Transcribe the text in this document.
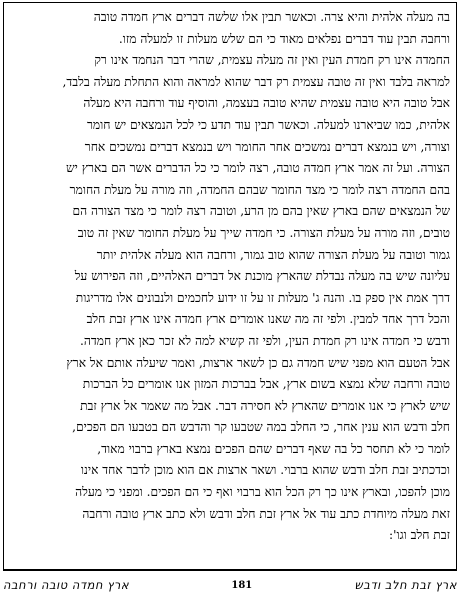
בה מעלה אלהית והיא צרה. וכאשר תבין אלו שלשה דברים ארץ חמדה טובה
ורחבה תבין עוד דברים נפלאים מאוד כי הם שלש מעלות זו למעלה מזו.
החמדה אינו רק חמדת העין ואין זה מעלה עצמית, שהרי דבר הנחמד אינו רק
למראה בלבד ואין זה טובה עצמית רק דבר שהוא למראה והוא התחלת מעלה בלבד,
אבל טובה היא טובה עצמית שהיא טובה בעצמה, והוסיף עוד ורחבה היא מעלה
אלהית, כמו שביארנו למעלה. וכאשר תבין עוד תדע כי לכל הנמצאים יש חומר
וצורה, ויש בנמצא דברים נמשכים אחר החומר ויש בנמצא דברים נמשכים אחר
הצורה. ועל זה אמר ארץ חמדה טובה, רצה לומר כי כל הדברים אשר הם בארץ יש
בהם החמדה רצה לומר כי מצד החומר שבהם החמדה, וזה מורה על מעלת החומר
של הנמצאים שהם בארץ שאין בהם מן הרע, וטובה רצה לומר כי מצד הצורה הם
טובים, וזה מורה על מעלת הצורה. כי חמדה שייך על מעלת החומר שאין זה טוב
גמור וטובה על מעלת הצורה שהוא טוב גמור, ורחבה הוא מעלה אלהית יותר
עליונה שיש בה מעלה נבדלת שהארץ מוכנת אל דברים האלהיים, וזה הפירוש על
דרך אמת אין ספק בו. והנה ג' מעלות זו על זו ידוע לחכמים ולנבונים אלו מדריגות
והכל דרך אחד למבין. ולפי זה מה שאנו אומרים ארץ חמדה אינו ארץ זבת חלב
ודבש כי חמדה אינו רק חמדת העין, ולפי זה קשיא למה לא זכר כאן ארץ חמדה.
אבל הטעם הוא מפני שיש חמדה גם כן לשאר ארצות, ואמר שיעלה אותם אל ארץ
טובה ורחבה שלא נמצא בשום ארץ, אבל בברכות המזון אנו אומרים כל הברכות
שיש לארץ כי אנו אומרים שהארץ לא חסירה דבר. אבל מה שאמר אל ארץ זבת
חלב ודבש הוא ענין אחר, כי החלב במה שטבעו קר והדבש הם בטבעו הם הפכים,
לומר כי לא תחסר כל בה שאף דברים שהם הפכים נמצא בארץ ברבוי מאוד,
וכדכתיב זבת חלב ודבש שהוא ברבוי. ושאר ארצות אם הוא מוכן לדבר אחד אינו
מוכן להפכו, ובארץ אינו כך רק הכל הוא ברבוי ואף כי הם הפכים. ומפני כי מעלה
זאת מעלה מיוחדת כתב עוד אל ארץ זבת חלב ודבש ולא כתב ארץ טובה ורחבה
זבת חלב וגו':
ארץ זבת חלב ודבש
181
ארץ חמדה טובה ורחבה
